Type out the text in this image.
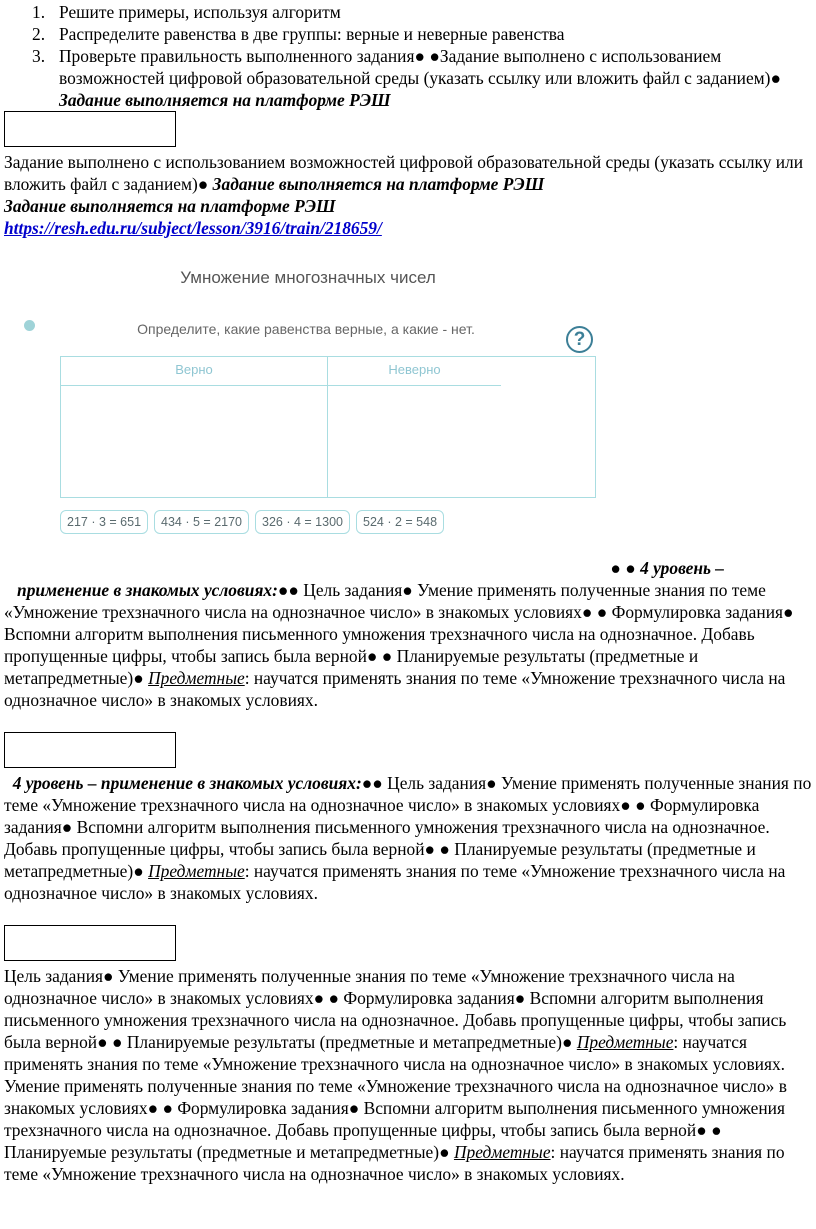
1. Решите примеры, используя алгоритм
2. Распределите равенства в две группы: верные и неверные равенства
3. Проверьте правильность выполненного задания● ●Задание выполнено с использованием возможностей цифровой образовательной среды (указать ссылку или вложить файл с заданием)● Задание выполняется на платформе РЭШ

Задание выполнено с использованием возможностей цифровой образовательной среды (указать ссылку или вложить файл с заданием)● Задание выполняется на платформе РЭШ
Задание выполняется на платформе РЭШ
https://resh.edu.ru/subject/lesson/3916/train/218659/

Умножение многозначных чисел
Определите, какие равенства верные, а какие - нет.	?
Верно	Неверно
217 · 3 = 651	434 · 5 = 2170	326 · 4 = 1300	524 · 2 = 548

● ● 4 уровень –
применение в знакомых условиях:●● Цель задания● Умение применять полученные знания по теме «Умножение трехзначного числа на однозначное число» в знакомых условиях● ● Формулировка задания● Вспомни алгоритм выполнения письменного умножения трехзначного числа на однозначное. Добавь пропущенные цифры, чтобы запись была верной● ● Планируемые результаты (предметные и метапредметные)● Предметные: научатся применять знания по теме «Умножение трехзначного числа на однозначное число» в знакомых условиях.

4 уровень – применение в знакомых условиях:●● Цель задания● Умение применять полученные знания по теме «Умножение трехзначного числа на однозначное число» в знакомых условиях● ● Формулировка задания● Вспомни алгоритм выполнения письменного умножения трехзначного числа на однозначное. Добавь пропущенные цифры, чтобы запись была верной● ● Планируемые результаты (предметные и метапредметные)● Предметные: научатся применять знания по теме «Умножение трехзначного числа на однозначное число» в знакомых условиях.

Цель задания● Умение применять полученные знания по теме «Умножение трехзначного числа на однозначное число» в знакомых условиях● ● Формулировка задания● Вспомни алгоритм выполнения письменного умножения трехзначного числа на однозначное. Добавь пропущенные цифры, чтобы запись была верной● ● Планируемые результаты (предметные и метапредметные)● Предметные: научатся применять знания по теме «Умножение трехзначного числа на однозначное число» в знакомых условиях.
Умение применять полученные знания по теме «Умножение трехзначного числа на однозначное число» в знакомых условиях● ● Формулировка задания● Вспомни алгоритм выполнения письменного умножения трехзначного числа на однозначное. Добавь пропущенные цифры, чтобы запись была верной● ● Планируемые результаты (предметные и метапредметные)● Предметные: научатся применять знания по теме «Умножение трехзначного числа на однозначное число» в знакомых условиях.
